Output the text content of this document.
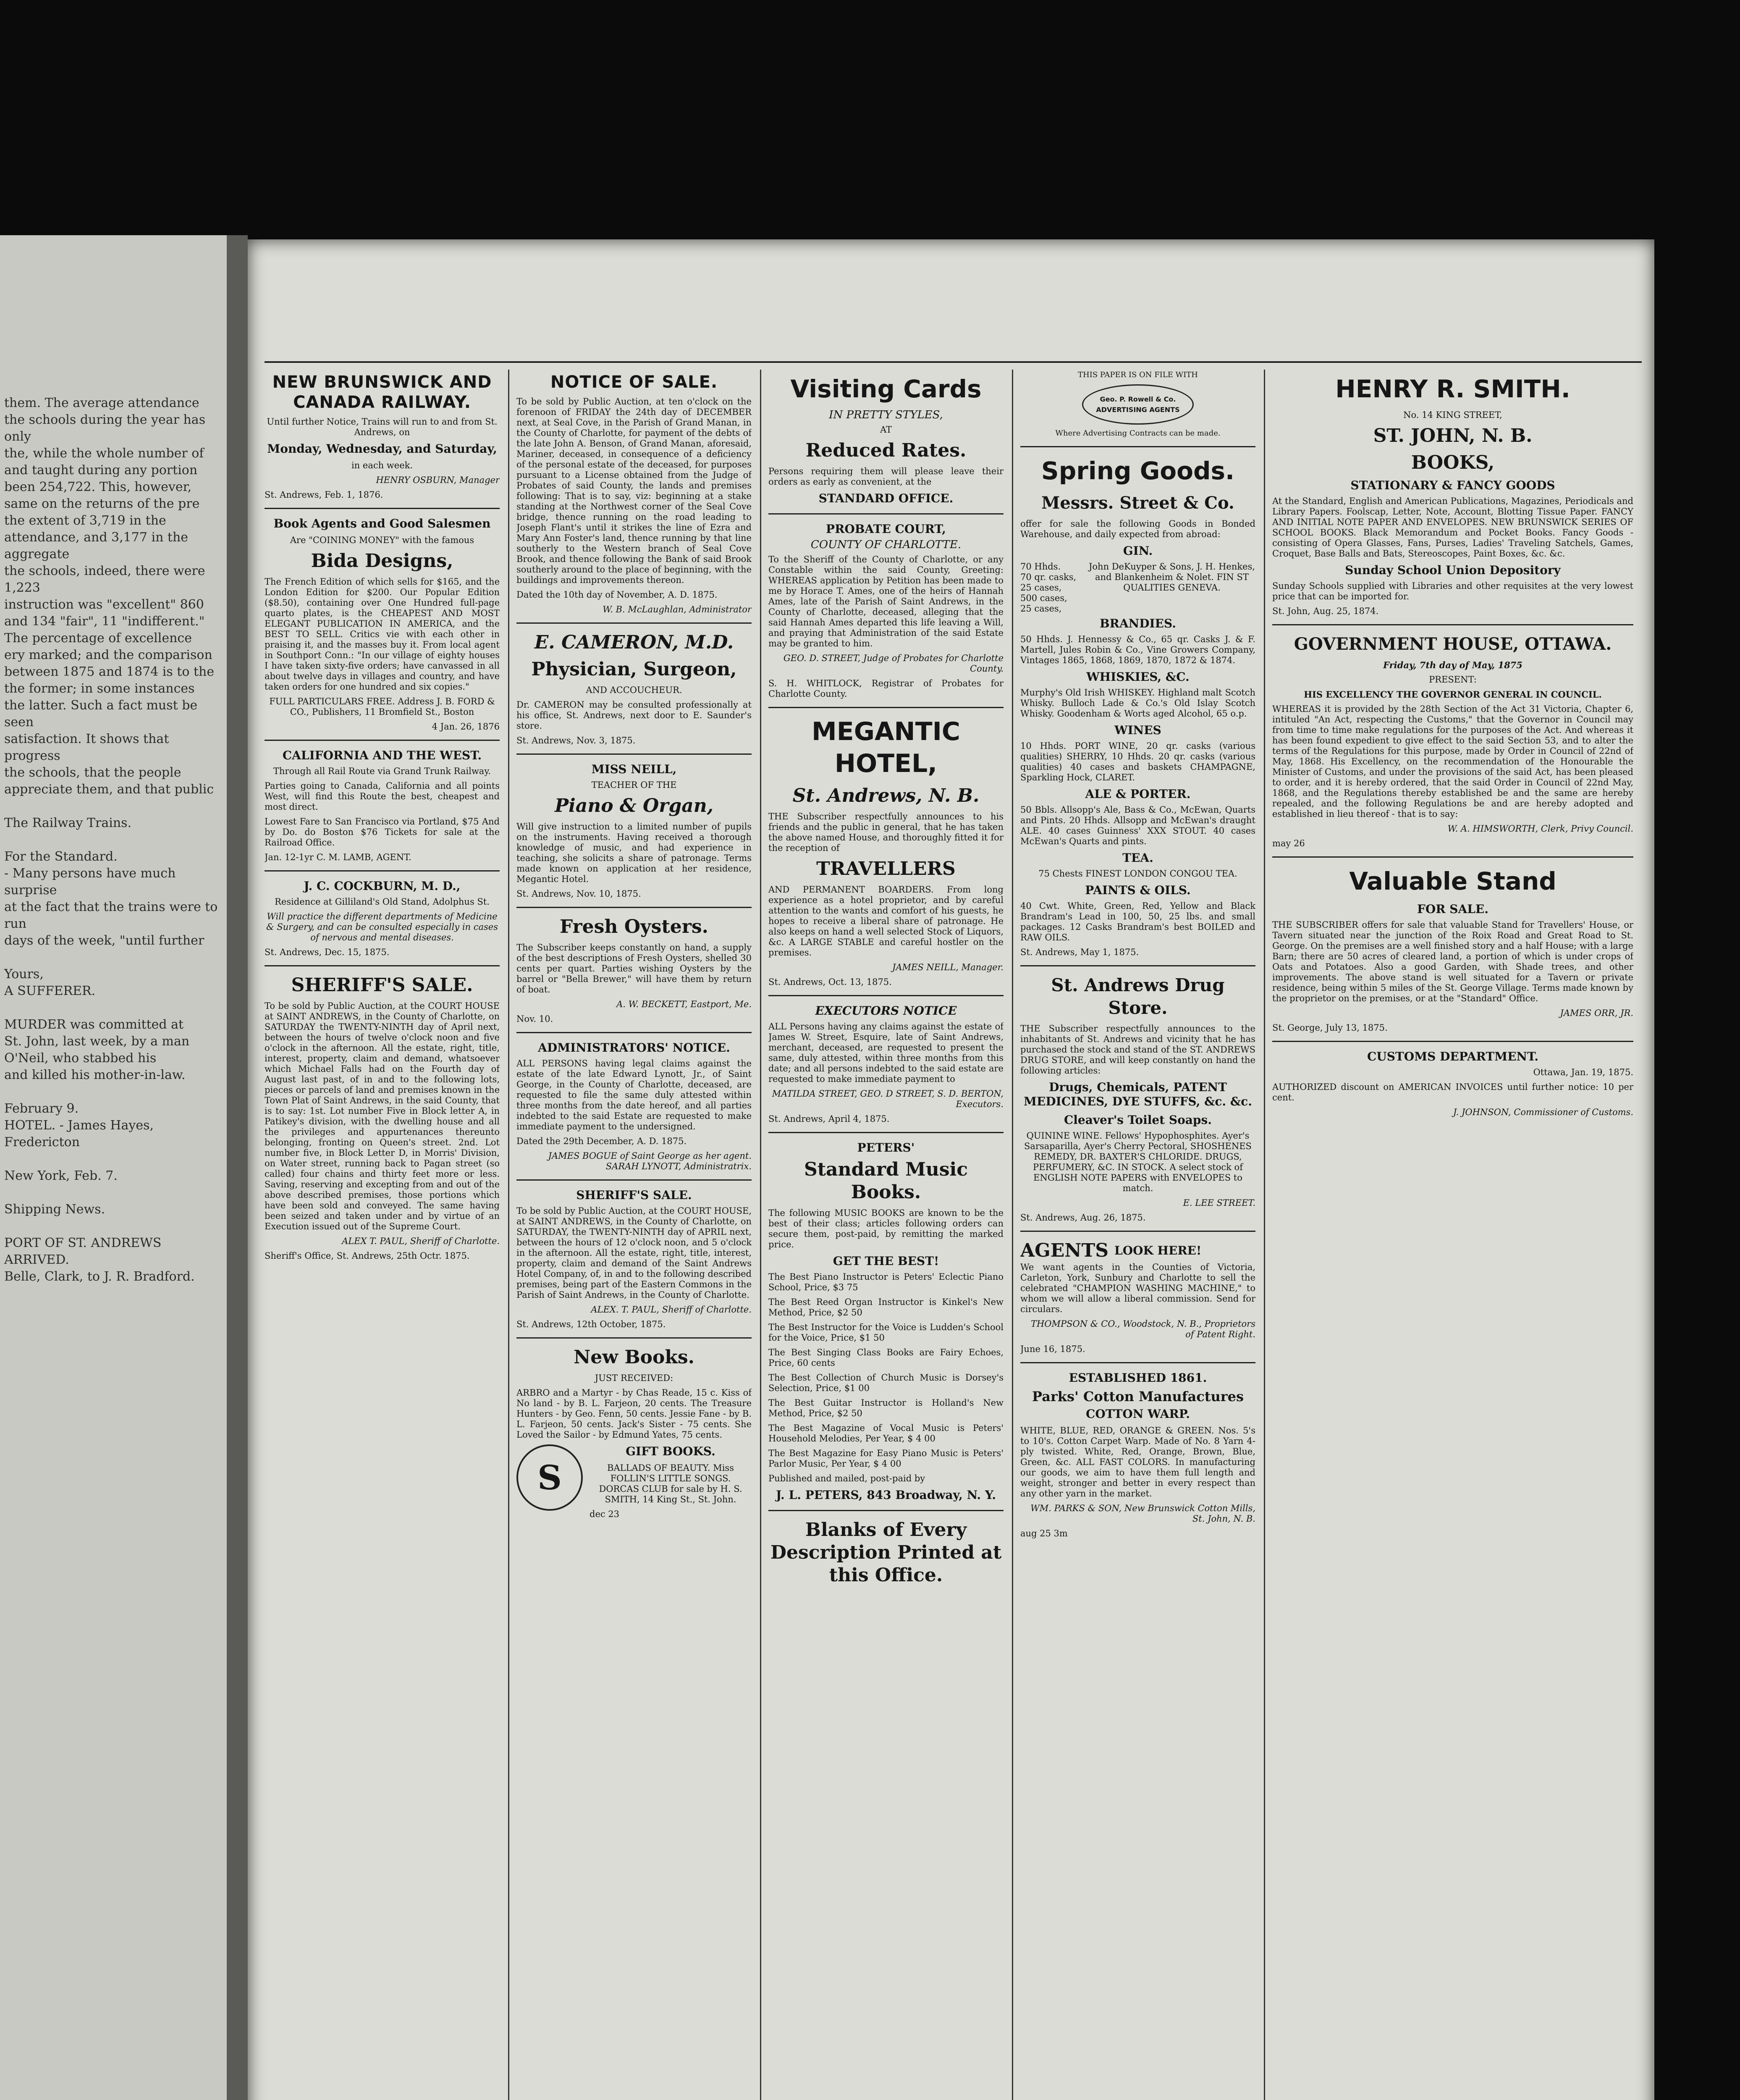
them. The average attendance
the schools during the year has only
the, while the whole number of
and taught during any portion
been 254,722. This, however,
same on the returns of the pre
the extent of 3,719 in the
attendance, and 3,177 in the aggregate
the schools, indeed, there were 1,223
instruction was "excellent" 860
and 134 "fair", 11 "indifferent."
The percentage of excellence
ery marked; and the comparison
between 1875 and 1874 is to the
the former; in some instances
the latter. Such a fact must be seen
satisfaction. It shows that progress
the schools, that the people
appreciate them, and that public

The Railway Trains.

For the Standard.
- Many persons have much surprise
at the fact that the trains were to run
days of the week, "until further

Yours,
A SUFFERER.

MURDER was committed at
St. John, last week, by a man
O'Neil, who stabbed his
and killed his mother-in-law.

February 9.
HOTEL. - James Hayes, Fredericton

New York, Feb. 7.

Shipping News.

PORT OF ST. ANDREWS
ARRIVED.
Belle, Clark, to J. R. Bradford.
NEW BRUNSWICK AND CANADA RAILWAY.

Until further Notice, Trains will run to and from St. Andrews, on

Monday, Wednesday, and Saturday,

in each week.

HENRY OSBURN, Manager

St. Andrews, Feb. 1, 1876.

Book Agents and Good Salesmen

Are "COINING MONEY" with the famous

Bida Designs,

The French Edition of which sells for $165, and the London Edition for $200. Our Popular Edition ($8.50), containing over One Hundred full-page quarto plates, is the CHEAPEST AND MOST ELEGANT PUBLICATION IN AMERICA, and the BEST TO SELL. Critics vie with each other in praising it, and the masses buy it. From local agent in Southport Conn.: "In our village of eighty houses I have taken sixty-five orders; have canvassed in all about twelve days in villages and country, and have taken orders for one hundred and six copies."

FULL PARTICULARS FREE. Address J. B. FORD & CO., Publishers, 11 Bromfield St., Boston

4 Jan. 26, 1876

CALIFORNIA AND THE WEST.

Through all Rail Route via Grand Trunk Railway.

Parties going to Canada, California and all points West, will find this Route the best, cheapest and most direct.

Lowest Fare to San Francisco via Portland, $75 And by Do. do Boston $76 Tickets for sale at the Railroad Office.

Jan. 12-1yr C. M. LAMB, AGENT.

J. C. COCKBURN, M. D.,

Residence at Gilliland's Old Stand, Adolphus St.

Will practice the different departments of Medicine & Surgery, and can be consulted especially in cases of nervous and mental diseases.

St. Andrews, Dec. 15, 1875.

SHERIFF'S SALE.

To be sold by Public Auction, at the COURT HOUSE at SAINT ANDREWS, in the County of Charlotte, on SATURDAY the TWENTY-NINTH day of April next, between the hours of twelve o'clock noon and five o'clock in the afternoon. All the estate, right, title, interest, property, claim and demand, whatsoever which Michael Falls had on the Fourth day of August last past, of in and to the following lots, pieces or parcels of land and premises known in the Town Plat of Saint Andrews, in the said County, that is to say: 1st. Lot number Five in Block letter A, in Patikey's division, with the dwelling house and all the privileges and appurtenances thereunto belonging, fronting on Queen's street. 2nd. Lot number five, in Block Letter D, in Morris' Division, on Water street, running back to Pagan street (so called) four chains and thirty feet more or less. Saving, reserving and excepting from and out of the above described premises, those portions which have been sold and conveyed. The same having been seized and taken under and by virtue of an Execution issued out of the Supreme Court.

ALEX T. PAUL, Sheriff of Charlotte.

Sheriff's Office, St. Andrews, 25th Octr. 1875.

NOTICE OF SALE.

To be sold by Public Auction, at ten o'clock on the forenoon of FRIDAY the 24th day of DECEMBER next, at Seal Cove, in the Parish of Grand Manan, in the County of Charlotte, for payment of the debts of the late John A. Benson, of Grand Manan, aforesaid, Mariner, deceased, in consequence of a deficiency of the personal estate of the deceased, for purposes pursuant to a License obtained from the Judge of Probates of said County, the lands and premises following: That is to say, viz: beginning at a stake standing at the Northwest corner of the Seal Cove bridge, thence running on the road leading to Joseph Flant's until it strikes the line of Ezra and Mary Ann Foster's land, thence running by that line southerly to the Western branch of Seal Cove Brook, and thence following the Bank of said Brook southerly around to the place of beginning, with the buildings and improvements thereon.

Dated the 10th day of November, A. D. 1875.

W. B. McLaughlan, Administrator

E. CAMERON, M.D.
Physician, Surgeon,

AND ACCOUCHEUR.

Dr. CAMERON may be consulted professionally at his office, St. Andrews, next door to E. Saunder's store.

St. Andrews, Nov. 3, 1875.

MISS NEILL,

TEACHER OF THE

Piano & Organ,

Will give instruction to a limited number of pupils on the instruments. Having received a thorough knowledge of music, and had experience in teaching, she solicits a share of patronage. Terms made known on application at her residence, Megantic Hotel.

St. Andrews, Nov. 10, 1875.

Fresh Oysters.

The Subscriber keeps constantly on hand, a supply of the best descriptions of Fresh Oysters, shelled 30 cents per quart. Parties wishing Oysters by the barrel or "Bella Brewer," will have them by return of boat.

A. W. BECKETT, Eastport, Me.

Nov. 10.

ADMINISTRATORS' NOTICE.

ALL PERSONS having legal claims against the estate of the late Edward Lynott, Jr., of Saint George, in the County of Charlotte, deceased, are requested to file the same duly attested within three months from the date hereof, and all parties indebted to the said Estate are requested to make immediate payment to the undersigned.

Dated the 29th December, A. D. 1875.

JAMES BOGUE of Saint George as her agent. SARAH LYNOTT, Administratrix.

SHERIFF'S SALE.

To be sold by Public Auction, at the COURT HOUSE, at SAINT ANDREWS, in the County of Charlotte, on SATURDAY, the TWENTY-NINTH day of APRIL next, between the hours of 12 o'clock noon, and 5 o'clock in the afternoon. All the estate, right, title, interest, property, claim and demand of the Saint Andrews Hotel Company, of, in and to the following described premises, being part of the Eastern Commons in the Parish of Saint Andrews, in the County of Charlotte.

ALEX. T. PAUL, Sheriff of Charlotte.

St. Andrews, 12th October, 1875.

New Books.

JUST RECEIVED:

ARBRO and a Martyr - by Chas Reade, 15 c. Kiss of No land - by B. L. Farjeon, 20 cents. The Treasure Hunters - by Geo. Fenn, 50 cents. Jessie Fane - by B. L. Farjeon, 50 cents. Jack's Sister - 75 cents. She Loved the Sailor - by Edmund Yates, 75 cents.

S

GIFT BOOKS.

BALLADS OF BEAUTY. Miss FOLLIN'S LITTLE SONGS. DORCAS CLUB for sale by H. S. SMITH, 14 King St., St. John.

dec 23

Visiting Cards

IN PRETTY STYLES,

AT

Reduced Rates.

Persons requiring them will please leave their orders as early as convenient, at the

STANDARD OFFICE.

PROBATE COURT,

COUNTY OF CHARLOTTE.

To the Sheriff of the County of Charlotte, or any Constable within the said County, Greeting: WHEREAS application by Petition has been made to me by Horace T. Ames, one of the heirs of Hannah Ames, late of the Parish of Saint Andrews, in the County of Charlotte, deceased, alleging that the said Hannah Ames departed this life leaving a Will, and praying that Administration of the said Estate may be granted to him.

GEO. D. STREET, Judge of Probates for Charlotte County.

S. H. WHITLOCK, Registrar of Probates for Charlotte County.

MEGANTIC HOTEL,
St. Andrews, N. B.

THE Subscriber respectfully announces to his friends and the public in general, that he has taken the above named House, and thoroughly fitted it for the reception of

TRAVELLERS

AND PERMANENT BOARDERS. From long experience as a hotel proprietor, and by careful attention to the wants and comfort of his guests, he hopes to receive a liberal share of patronage. He also keeps on hand a well selected Stock of Liquors, &c. A LARGE STABLE and careful hostler on the premises.

JAMES NEILL, Manager.

St. Andrews, Oct. 13, 1875.

EXECUTORS NOTICE

ALL Persons having any claims against the estate of James W. Street, Esquire, late of Saint Andrews, merchant, deceased, are requested to present the same, duly attested, within three months from this date; and all persons indebted to the said estate are requested to make immediate payment to

MATILDA STREET, GEO. D STREET, S. D. BERTON, Executors.

St. Andrews, April 4, 1875.

PETERS'
Standard Music Books.

The following MUSIC BOOKS are known to be the best of their class; articles following orders can secure them, post-paid, by remitting the marked price.

GET THE BEST!

The Best Piano Instructor is Peters' Eclectic Piano School, Price, $3 75

The Best Reed Organ Instructor is Kinkel's New Method, Price, $2 50

The Best Instructor for the Voice is Ludden's School for the Voice, Price, $1 50

The Best Singing Class Books are Fairy Echoes, Price, 60 cents

The Best Collection of Church Music is Dorsey's Selection, Price, $1 00

The Best Guitar Instructor is Holland's New Method, Price, $2 50

The Best Magazine of Vocal Music is Peters' Household Melodies, Per Year, $ 4 00

The Best Magazine for Easy Piano Music is Peters' Parlor Music, Per Year, $ 4 00

Published and mailed, post-paid by

J. L. PETERS, 843 Broadway, N. Y.

Blanks of Every Description Printed at this Office.

THIS PAPER IS ON FILE WITH

Geo. P. Rowell & Co. ADVERTISING AGENTS

Where Advertising Contracts can be made.

Spring Goods.
Messrs. Street & Co.

offer for sale the following Goods in Bonded Warehouse, and daily expected from abroad:

GIN.
70 Hhds.
70 qr. casks,
25 cases,
500 cases,
25 cases,
John DeKuyper & Sons, J. H. Henkes, and Blankenheim & Nolet. FIN ST QUALITIES GENEVA.
BRANDIES.

50 Hhds. J. Hennessy & Co., 65 qr. Casks J. & F. Martell, Jules Robin & Co., Vine Growers Company, Vintages 1865, 1868, 1869, 1870, 1872 & 1874.

WHISKIES, &C.

Murphy's Old Irish WHISKEY. Highland malt Scotch Whisky. Bulloch Lade & Co.'s Old Islay Scotch Whisky. Goodenham & Worts aged Alcohol, 65 o.p.

WINES

10 Hhds. PORT WINE, 20 qr. casks (various qualities) SHERRY, 10 Hhds. 20 qr. casks (various qualities) 40 cases and baskets CHAMPAGNE, Sparkling Hock, CLARET.

ALE & PORTER.

50 Bbls. Allsopp's Ale, Bass & Co., McEwan, Quarts and Pints. 20 Hhds. Allsopp and McEwan's draught ALE. 40 cases Guinness' XXX STOUT. 40 cases McEwan's Quarts and pints.

TEA.

75 Chests FINEST LONDON CONGOU TEA.

PAINTS & OILS.

40 Cwt. White, Green, Red, Yellow and Black Brandram's Lead in 100, 50, 25 lbs. and small packages. 12 Casks Brandram's best BOILED and RAW OILS.

St. Andrews, May 1, 1875.

St. Andrews Drug Store.

THE Subscriber respectfully announces to the inhabitants of St. Andrews and vicinity that he has purchased the stock and stand of the ST. ANDREWS DRUG STORE, and will keep constantly on hand the following articles:

Drugs, Chemicals, PATENT MEDICINES, DYE STUFFS, &c. &c.

Cleaver's Toilet Soaps.

QUININE WINE. Fellows' Hypophosphites. Ayer's Sarsaparilla, Ayer's Cherry Pectoral, SHOSHENES REMEDY, DR. BAXTER'S CHLORIDE. DRUGS, PERFUMERY, &C. IN STOCK. A select stock of ENGLISH NOTE PAPERS with ENVELOPES to match.

E. LEE STREET.

St. Andrews, Aug. 26, 1875.

AGENTS LOOK HERE!

We want agents in the Counties of Victoria, Carleton, York, Sunbury and Charlotte to sell the celebrated "CHAMPION WASHING MACHINE," to whom we will allow a liberal commission. Send for circulars.

THOMPSON & CO., Woodstock, N. B., Proprietors of Patent Right.

June 16, 1875.

ESTABLISHED 1861.

Parks' Cotton Manufactures

COTTON WARP.

WHITE, BLUE, RED, ORANGE & GREEN. Nos. 5's to 10's. Cotton Carpet Warp. Made of No. 8 Yarn 4-ply twisted. White, Red, Orange, Brown, Blue, Green, &c. ALL FAST COLORS. In manufacturing our goods, we aim to have them full length and weight, stronger and better in every respect than any other yarn in the market.

WM. PARKS & SON, New Brunswick Cotton Mills, St. John, N. B.

aug 25 3m

HENRY R. SMITH.

No. 14 KING STREET,

ST. JOHN, N. B.
BOOKS,
STATIONARY & FANCY GOODS

At the Standard, English and American Publications, Magazines, Periodicals and Library Papers. Foolscap, Letter, Note, Account, Blotting Tissue Paper. FANCY AND INITIAL NOTE PAPER AND ENVELOPES. NEW BRUNSWICK SERIES OF SCHOOL BOOKS. Black Memorandum and Pocket Books. Fancy Goods - consisting of Opera Glasses, Fans, Purses, Ladies' Traveling Satchels, Games, Croquet, Base Balls and Bats, Stereoscopes, Paint Boxes, &c. &c.

Sunday School Union Depository

Sunday Schools supplied with Libraries and other requisites at the very lowest price that can be imported for.

St. John, Aug. 25, 1874.

GOVERNMENT HOUSE, OTTAWA.

Friday, 7th day of May, 1875

PRESENT:

HIS EXCELLENCY THE GOVERNOR GENERAL IN COUNCIL.

WHEREAS it is provided by the 28th Section of the Act 31 Victoria, Chapter 6, intituled "An Act, respecting the Customs," that the Governor in Council may from time to time make regulations for the purposes of the Act. And whereas it has been found expedient to give effect to the said Section 53, and to alter the terms of the Regulations for this purpose, made by Order in Council of 22nd of May, 1868. His Excellency, on the recommendation of the Honourable the Minister of Customs, and under the provisions of the said Act, has been pleased to order, and it is hereby ordered, that the said Order in Council of 22nd May, 1868, and the Regulations thereby established be and the same are hereby repealed, and the following Regulations be and are hereby adopted and established in lieu thereof - that is to say:

W. A. HIMSWORTH, Clerk, Privy Council.

may 26

Valuable Stand
FOR SALE.

THE SUBSCRIBER offers for sale that valuable Stand for Travellers' House, or Tavern situated near the junction of the Roix Road and Great Road to St. George. On the premises are a well finished story and a half House; with a large Barn; there are 50 acres of cleared land, a portion of which is under crops of Oats and Potatoes. Also a good Garden, with Shade trees, and other improvements. The above stand is well situated for a Tavern or private residence, being within 5 miles of the St. George Village. Terms made known by the proprietor on the premises, or at the "Standard" Office.

JAMES ORR, JR.

St. George, July 13, 1875.

CUSTOMS DEPARTMENT.

Ottawa, Jan. 19, 1875.

AUTHORIZED discount on AMERICAN INVOICES until further notice: 10 per cent.

J. JOHNSON, Commissioner of Customs.
